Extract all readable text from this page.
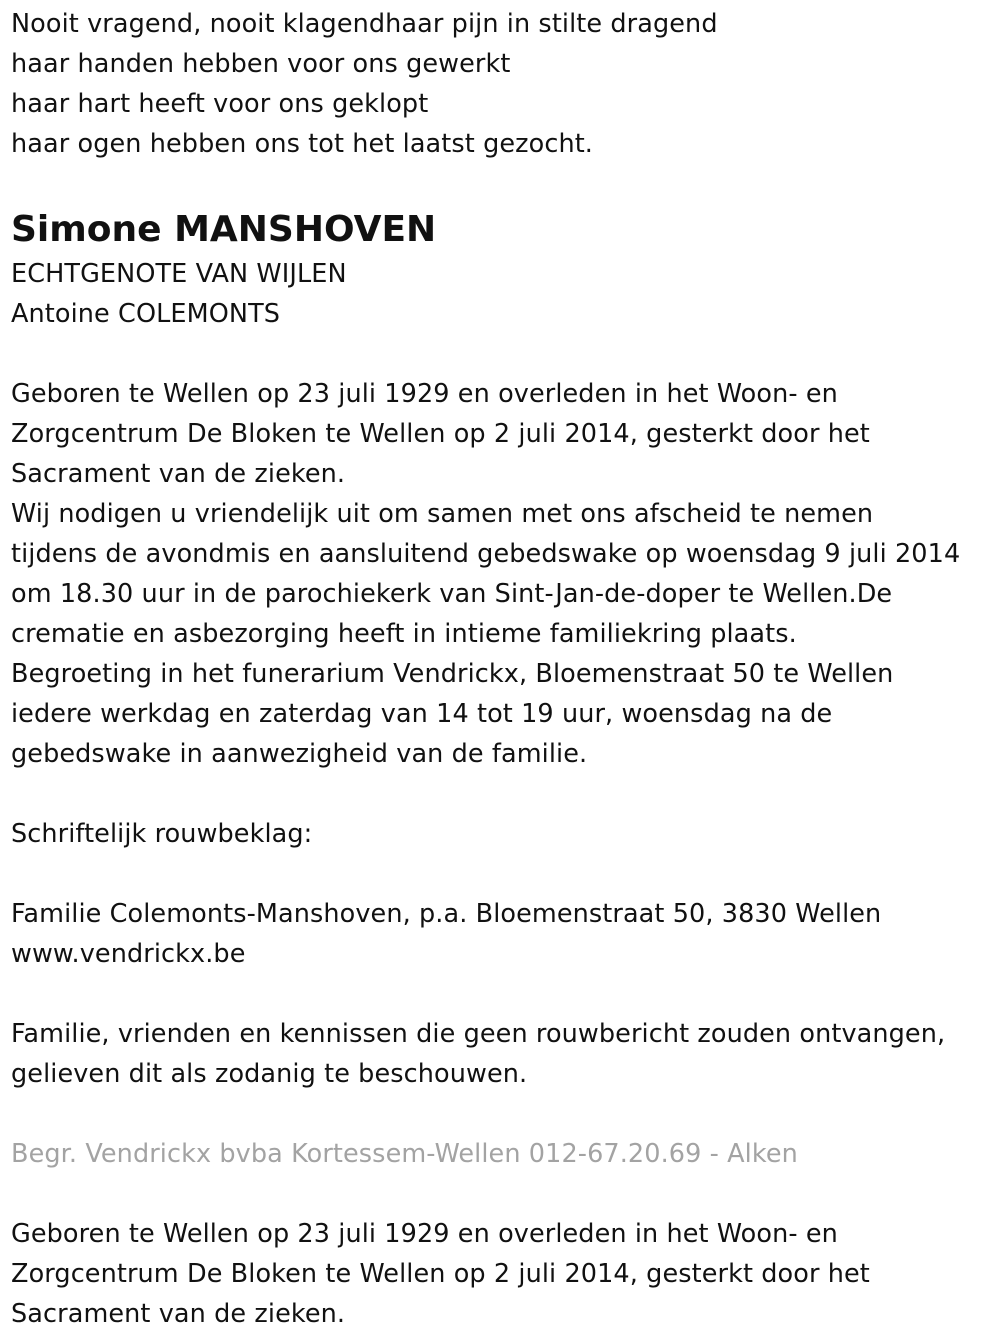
Nooit vragend, nooit klagendhaar pijn in stilte dragend
haar handen hebben voor ons gewerkt
haar hart heeft voor ons geklopt
haar ogen hebben ons tot het laatst gezocht.
Simone MANSHOVEN
ECHTGENOTE VAN WIJLEN
Antoine COLEMONTS
Geboren te Wellen op 23 juli 1929 en overleden in het Woon- en
Zorgcentrum De Bloken te Wellen op 2 juli 2014, gesterkt door het
Sacrament van de zieken.
Wij nodigen u vriendelijk uit om samen met ons afscheid te nemen
tijdens de avondmis en aansluitend gebedswake op woensdag 9 juli 2014
om 18.30 uur in de parochiekerk van Sint-Jan-de-doper te Wellen.De
crematie en asbezorging heeft in intieme familiekring plaats.
Begroeting in het funerarium Vendrickx, Bloemenstraat 50 te Wellen
iedere werkdag en zaterdag van 14 tot 19 uur, woensdag na de
gebedswake in aanwezigheid van de familie.
Schriftelijk rouwbeklag:
Familie Colemonts-Manshoven, p.a. Bloemenstraat 50, 3830 Wellen
www.vendrickx.be
Familie, vrienden en kennissen die geen rouwbericht zouden ontvangen,
gelieven dit als zodanig te beschouwen.
Begr. Vendrickx bvba Kortessem-Wellen 012-67.20.69 - Alken
Geboren te Wellen op 23 juli 1929 en overleden in het Woon- en
Zorgcentrum De Bloken te Wellen op 2 juli 2014, gesterkt door het
Sacrament van de zieken.
